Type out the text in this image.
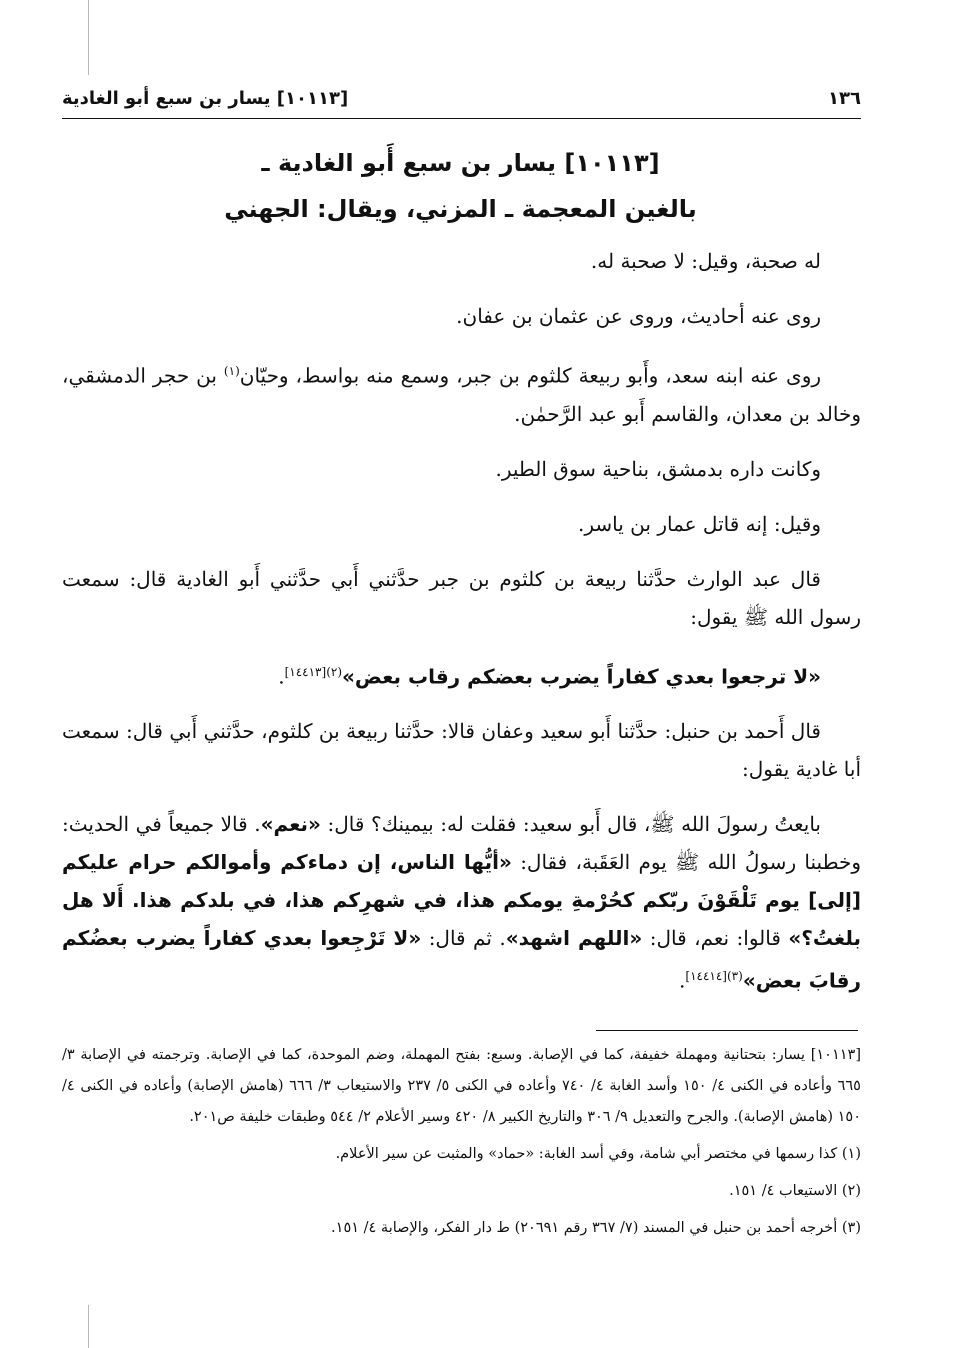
١٣٦
[١٠١١٣] يسار بن سبع أبو الغادية
[١٠١١٣] يسار بن سبع أَبو الغادية ـ
بالغين المعجمة ـ المزني، ويقال: الجهني

له صحبة، وقيل: لا صحبة له.

روى عنه أحاديث، وروى عن عثمان بن عفان.

روى عنه ابنه سعد، وأَبو ربيعة كلثوم بن جبر، وسمع منه بواسط، وحيّان$^{(١)}$ بن حجر الدمشقي، وخالد بن معدان، والقاسم أَبو عبد الرَّحمٰن.

وكانت داره بدمشق، بناحية سوق الطير.

وقيل: إنه قاتل عمار بن ياسر.

قال عبد الوارث حدَّثنا ربيعة بن كلثوم بن جبر حدَّثني أَبي حدَّثني أَبو الغادية قال: سمعت رسول الله ﷺ يقول:

«لا ترجعوا بعدي كفاراً يضرب بعضكم رقاب بعض»$^{(٢)[١٤٤١٣]}$.

قال أَحمد بن حنبل: حدَّثنا أَبو سعيد وعفان قالا: حدَّثنا ربيعة بن كلثوم، حدَّثني أَبي قال: سمعت أبا غادية يقول:

بايعتُ رسولَ الله ﷺ، قال أَبو سعيد: فقلت له: بيمينك؟ قال: «نعم». قالا جميعاً في الحديث: وخطبنا رسولُ الله ﷺ يوم العَقَبة، فقال: «أيُّها الناس، إن دماءكم وأموالكم حرام عليكم [إلى] يوم تَلْقَوْنَ ربّكم كحُرْمةِ يومكم هذا، في شهرِكم هذا، في بلدكم هذا. أَلا هل بلغتُ؟» قالوا: نعم، قال: «اللهم اشهد». ثم قال: «لا تَرْجِعوا بعدي كفاراً يضرب بعضُكم رقابَ بعض»$^{(٣)[١٤٤١٤]}$.

[١٠١١٣] يسار: بتحتانية ومهملة خفيفة، كما في الإصابة. وسبع: بفتح المهملة، وضم الموحدة، كما في الإصابة. وترجمته في الإصابة ٣/ ٦٦٥ وأعاده في الكنى ٤/ ١٥٠ وأسد الغابة ٤/ ٧٤٠ وأعاده في الكنى ٥/ ٢٣٧ والاستيعاب ٣/ ٦٦٦ (هامش الإصابة) وأعاده في الكنى ٤/ ١٥٠ (هامش الإصابة). والجرح والتعديل ٩/ ٣٠٦ والتاريخ الكبير ٨/ ٤٢٠ وسير الأعلام ٢/ ٥٤٤ وطبقات خليفة ص٢٠١.

(١) كذا رسمها في مختصر أبي شامة، وفي أسد الغابة: «حماد» والمثبت عن سير الأعلام.

(٢) الاستيعاب ٤/ ١٥١.

(٣) أخرجه أحمد بن حنبل في المسند (٧/ ٣٦٧ رقم ٢٠٦٩١) ط دار الفكر، والإصابة ٤/ ١٥١.
